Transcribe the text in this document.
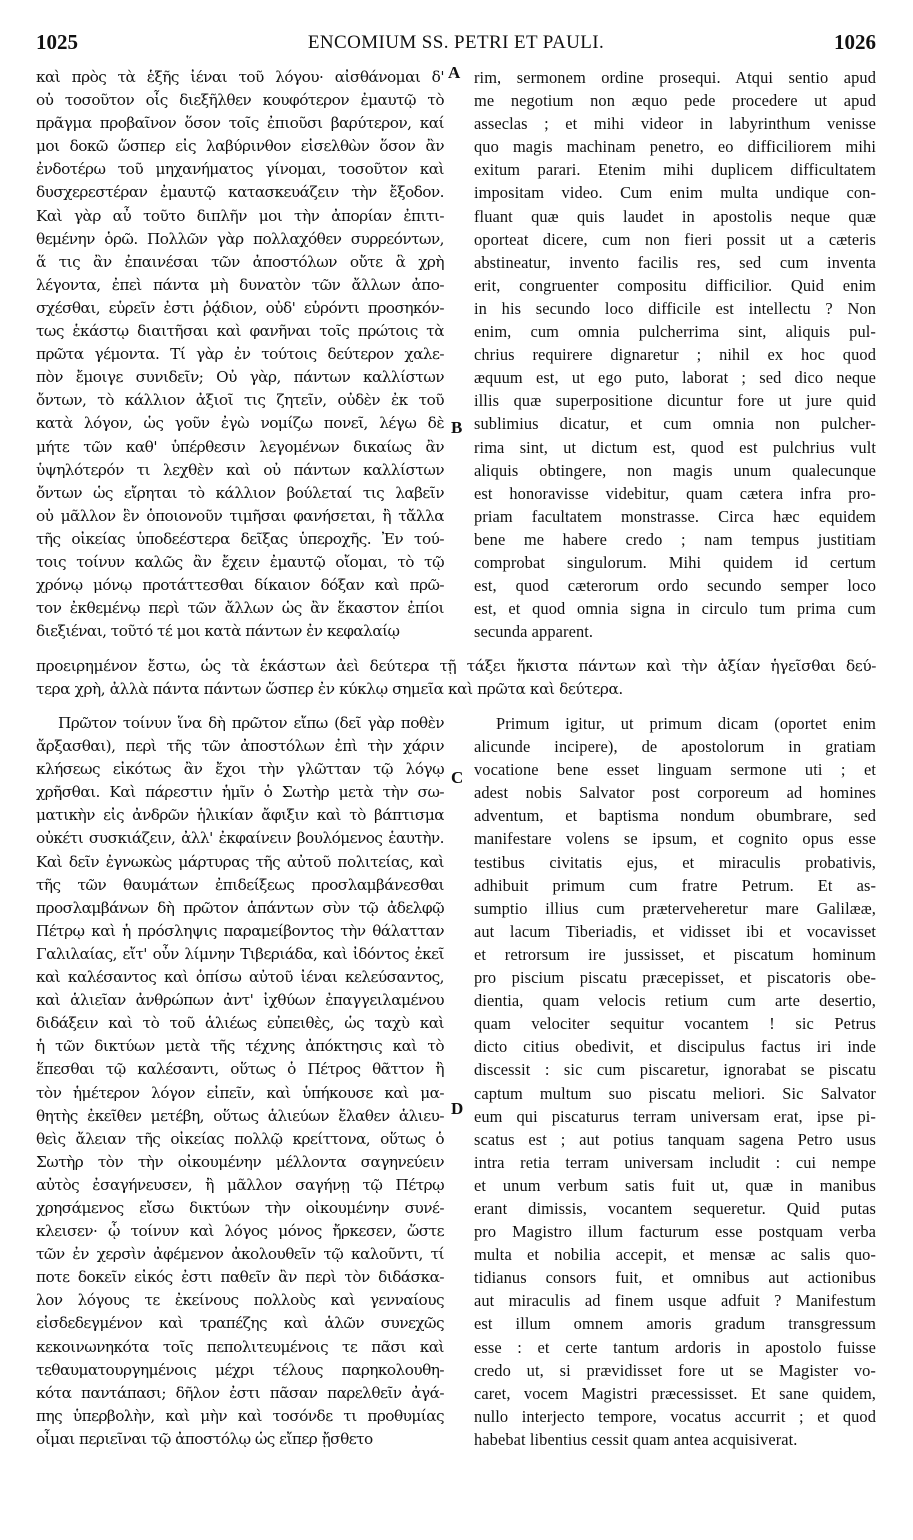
1025	ENCOMIUM SS. PETRI ET PAULI.	1026
A
B
C
D
καὶ πρὸς τὰ ἑξῆς ἰέναι τοῦ λόγου· αἰσθάνομαι δ'
οὐ τοσοῦτον οἷς διεξῆλθεν κουφότερον ἐμαυτῷ τὸ
πρᾶγμα προβαῖνον ὅσον τοῖς ἐπιοῦσι βαρύτερον, καί
μοι δοκῶ ὥσπερ εἰς λαβύρινθον εἰσελθὼν ὅσον ἂν
ἐνδοτέρω τοῦ μηχανήματος γίνομαι, τοσοῦτον καὶ
δυσχερεστέραν ἐμαυτῷ κατασκευάζειν τὴν ἔξοδον.
Καὶ γὰρ αὖ τοῦτο διπλῆν μοι τὴν ἀπορίαν ἐπιτι-
θεμένην ὁρῶ. Πολλῶν γὰρ πολλαχόθεν συρρεόντων,
ἅ τις ἂν ἐπαινέσαι τῶν ἀποστόλων οὔτε ἃ χρὴ
λέγοντα, ἐπεὶ πάντα μὴ δυνατὸν τῶν ἄλλων ἀπο-
σχέσθαι, εὑρεῖν ἐστι ῥᾴδιον, οὐδ' εὑρόντι προσηκόν-
τως ἑκάστῳ διαιτῆσαι καὶ φανῆναι τοῖς πρώτοις τὰ
πρῶτα γέμοντα. Τί γὰρ ἐν τούτοις δεύτερον χαλε-
πὸν ἔμοιγε συνιδεῖν; Οὐ γὰρ, πάντων καλλίστων
ὄντων, τὸ κάλλιον ἀξιοῖ τις ζητεῖν, οὐδὲν ἐκ τοῦ
κατὰ λόγον, ὡς γοῦν ἐγὼ νομίζω πονεῖ, λέγω δὲ
μήτε τῶν καθ' ὑπέρθεσιν λεγομένων δικαίως ἂν
ὑψηλότερόν τι λεχθὲν καὶ οὐ πάντων καλλίστων
ὄντων ὡς εἴρηται τὸ κάλλιον βούλεταί τις λαβεῖν
οὐ μᾶλλον ἓν ὁποιονοῦν τιμῆσαι φανήσεται, ἢ τἄλλα
τῆς οἰκείας ὑποδεέστερα δεῖξας ὑπεροχῆς. Ἐν τού-
τοις τοίνυν καλῶς ἂν ἔχειν ἐμαυτῷ οἴομαι, τὸ τῷ
χρόνῳ μόνῳ προτάττεσθαι δίκαιον δόξαν καὶ πρῶ-
τον ἐκθεμένῳ περὶ τῶν ἄλλων ὡς ἂν ἕκαστον ἐπίοι
διεξιέναι, τοῦτό τέ μοι κατὰ πάντων ἐν κεφαλαίῳ
rim, sermonem ordine prosequi. Atqui sentio apud
me negotium non æquo pede procedere ut apud
asseclas ; et mihi videor in labyrinthum venisse
quo magis machinam penetro, eo difficiliorem mihi
exitum parari. Etenim mihi duplicem difficultatem
impositam video. Cum enim multa undique con-
fluant quæ quis laudet in apostolis neque quæ
oporteat dicere, cum non fieri possit ut a cæteris
abstineatur, invento facilis res, sed cum inventa
erit, congruenter compositu difficilior. Quid enim
in his secundo loco difficile est intellectu ? Non
enim, cum omnia pulcherrima sint, aliquis pul-
chrius requirere dignaretur ; nihil ex hoc quod
æquum est, ut ego puto, laborat ; sed dico neque
illis quæ superpositione dicuntur fore ut jure quid
sublimius dicatur, et cum omnia non pulcher-
rima sint, ut dictum est, quod est pulchrius vult
aliquis obtingere, non magis unum qualecunque
est honoravisse videbitur, quam cætera infra pro-
priam facultatem monstrasse. Circa hæc equidem
bene me habere credo ; nam tempus justitiam
comprobat singulorum. Mihi quidem id certum
est, quod cæterorum ordo secundo semper loco
est, et quod omnia signa in circulo tum prima cum
secunda apparent.
προειρημένον ἔστω, ὡς τὰ ἑκάστων ἀεὶ δεύτερα τῇ τάξει ἥκιστα πάντων καὶ τὴν ἀξίαν ἡγεῖσθαι δεύ-
τερα χρὴ, ἀλλὰ πάντα πάντων ὥσπερ ἐν κύκλῳ σημεῖα καὶ πρῶτα καὶ δεύτερα.
Πρῶτον τοίνυν ἵνα δὴ πρῶτον εἴπω (δεῖ γὰρ ποθὲν
ἄρξασθαι), περὶ τῆς τῶν ἀποστόλων ἐπὶ τὴν χάριν
κλήσεως εἰκότως ἂν ἔχοι τὴν γλῶτταν τῷ λόγῳ
χρῆσθαι. Καὶ πάρεστιν ἡμῖν ὁ Σωτὴρ μετὰ τὴν σω-
ματικὴν εἰς ἀνδρῶν ἡλικίαν ἄφιξιν καὶ τὸ βάπτισμα
οὐκέτι συσκιάζειν, ἀλλ' ἐκφαίνειν βουλόμενος ἑαυτὴν.
Καὶ δεῖν ἐγνωκὼς μάρτυρας τῆς αὐτοῦ πολιτείας, καὶ
τῆς τῶν θαυμάτων ἐπιδείξεως προσλαμβάνεσθαι
προσλαμβάνων δὴ πρῶτον ἁπάντων σὺν τῷ ἀδελφῷ
Πέτρῳ καὶ ἡ πρόσληψις παραμείβοντος τὴν θάλατταν
Γαλιλαίας, εἴτ' οὖν λίμνην Τιβεριάδα, καὶ ἰδόντος ἐκεῖ
καὶ καλέσαντος καὶ ὀπίσω αὐτοῦ ἰέναι κελεύσαντος,
καὶ ἁλιεῖαν ἀνθρώπων ἀντ' ἰχθύων ἐπαγγειλαμένου
διδάξειν καὶ τὸ τοῦ ἁλιέως εὐπειθὲς, ὡς ταχὺ καὶ
ἡ τῶν δικτύων μετὰ τῆς τέχνης ἀπόκτησις καὶ τὸ
ἕπεσθαι τῷ καλέσαντι, οὕτως ὁ Πέτρος θᾶττον ἢ
τὸν ἡμέτερον λόγον εἰπεῖν, καὶ ὑπήκουσε καὶ μα-
θητὴς ἐκεῖθεν μετέβη, οὕτως ἁλιεύων ἔλαθεν ἁλιευ-
θεὶς ἄλειαν τῆς οἰκείας πολλῷ κρείττονα, οὕτως ὁ
Σωτὴρ τὸν τὴν οἰκουμένην μέλλοντα σαγηνεύειν
αὐτὸς ἐσαγήνευσεν, ἢ μᾶλλον σαγήνῃ τῷ Πέτρῳ
χρησάμενος εἴσω δικτύων τὴν οἰκουμένην συνέ-
κλεισεν· ᾧ τοίνυν καὶ λόγος μόνος ἤρκεσεν, ὥστε
τῶν ἐν χερσὶν ἀφέμενον ἀκολουθεῖν τῷ καλοῦντι, τί
ποτε δοκεῖν εἰκός ἐστι παθεῖν ἂν περὶ τὸν διδάσκα-
λον λόγους τε ἐκείνους πολλοὺς καὶ γενναίους
εἰσδεδεγμένον καὶ τραπέζης καὶ ἁλῶν συνεχῶς
κεκοινωνηκότα τοῖς πεπολιτευμένοις τε πᾶσι καὶ
τεθαυματουργημένοις μέχρι τέλους παρηκολουθη-
κότα παντάπασι; δῆλον ἐστι πᾶσαν παρελθεῖν ἀγά-
πης ὑπερβολὴν, καὶ μὴν καὶ τοσόνδε τι προθυμίας
οἶμαι περιεῖναι τῷ ἀποστόλῳ ὡς εἴπερ ᾔσθετο
Primum igitur, ut primum dicam (oportet enim
alicunde incipere), de apostolorum in gratiam
vocatione bene esset linguam sermone uti ; et
adest nobis Salvator post corporeum ad homines
adventum, et baptisma nondum obumbrare, sed
manifestare volens se ipsum, et cognito opus esse
testibus civitatis ejus, et miraculis probativis,
adhibuit primum cum fratre Petrum. Et as-
sumptio illius cum præterveheretur mare Galilææ,
aut lacum Tiberiadis, et vidisset ibi et vocavisset
et retrorsum ire jussisset, et piscatum hominum
pro piscium piscatu præcepisset, et piscatoris obe-
dientia, quam velocis retium cum arte desertio,
quam velociter sequitur vocantem ! sic Petrus
dicto citius obedivit, et discipulus factus iri inde
discessit : sic cum piscaretur, ignorabat se piscatu
captum multum suo piscatu meliori. Sic Salvator
eum qui piscaturus terram universam erat, ipse pi-
scatus est ; aut potius tanquam sagena Petro usus
intra retia terram universam includit : cui nempe
et unum verbum satis fuit ut, quæ in manibus
erant dimissis, vocantem sequeretur. Quid putas
pro Magistro illum facturum esse postquam verba
multa et nobilia accepit, et mensæ ac salis quo-
tidianus consors fuit, et omnibus aut actionibus
aut miraculis ad finem usque adfuit ? Manifestum
est illum omnem amoris gradum transgressum
esse : et certe tantum ardoris in apostolo fuisse
credo ut, si prævidisset fore ut se Magister vo-
caret, vocem Magistri præcessisset. Et sane quidem,
nullo interjecto tempore, vocatus accurrit ; et quod
habebat libentius cessit quam antea acquisiverat.
